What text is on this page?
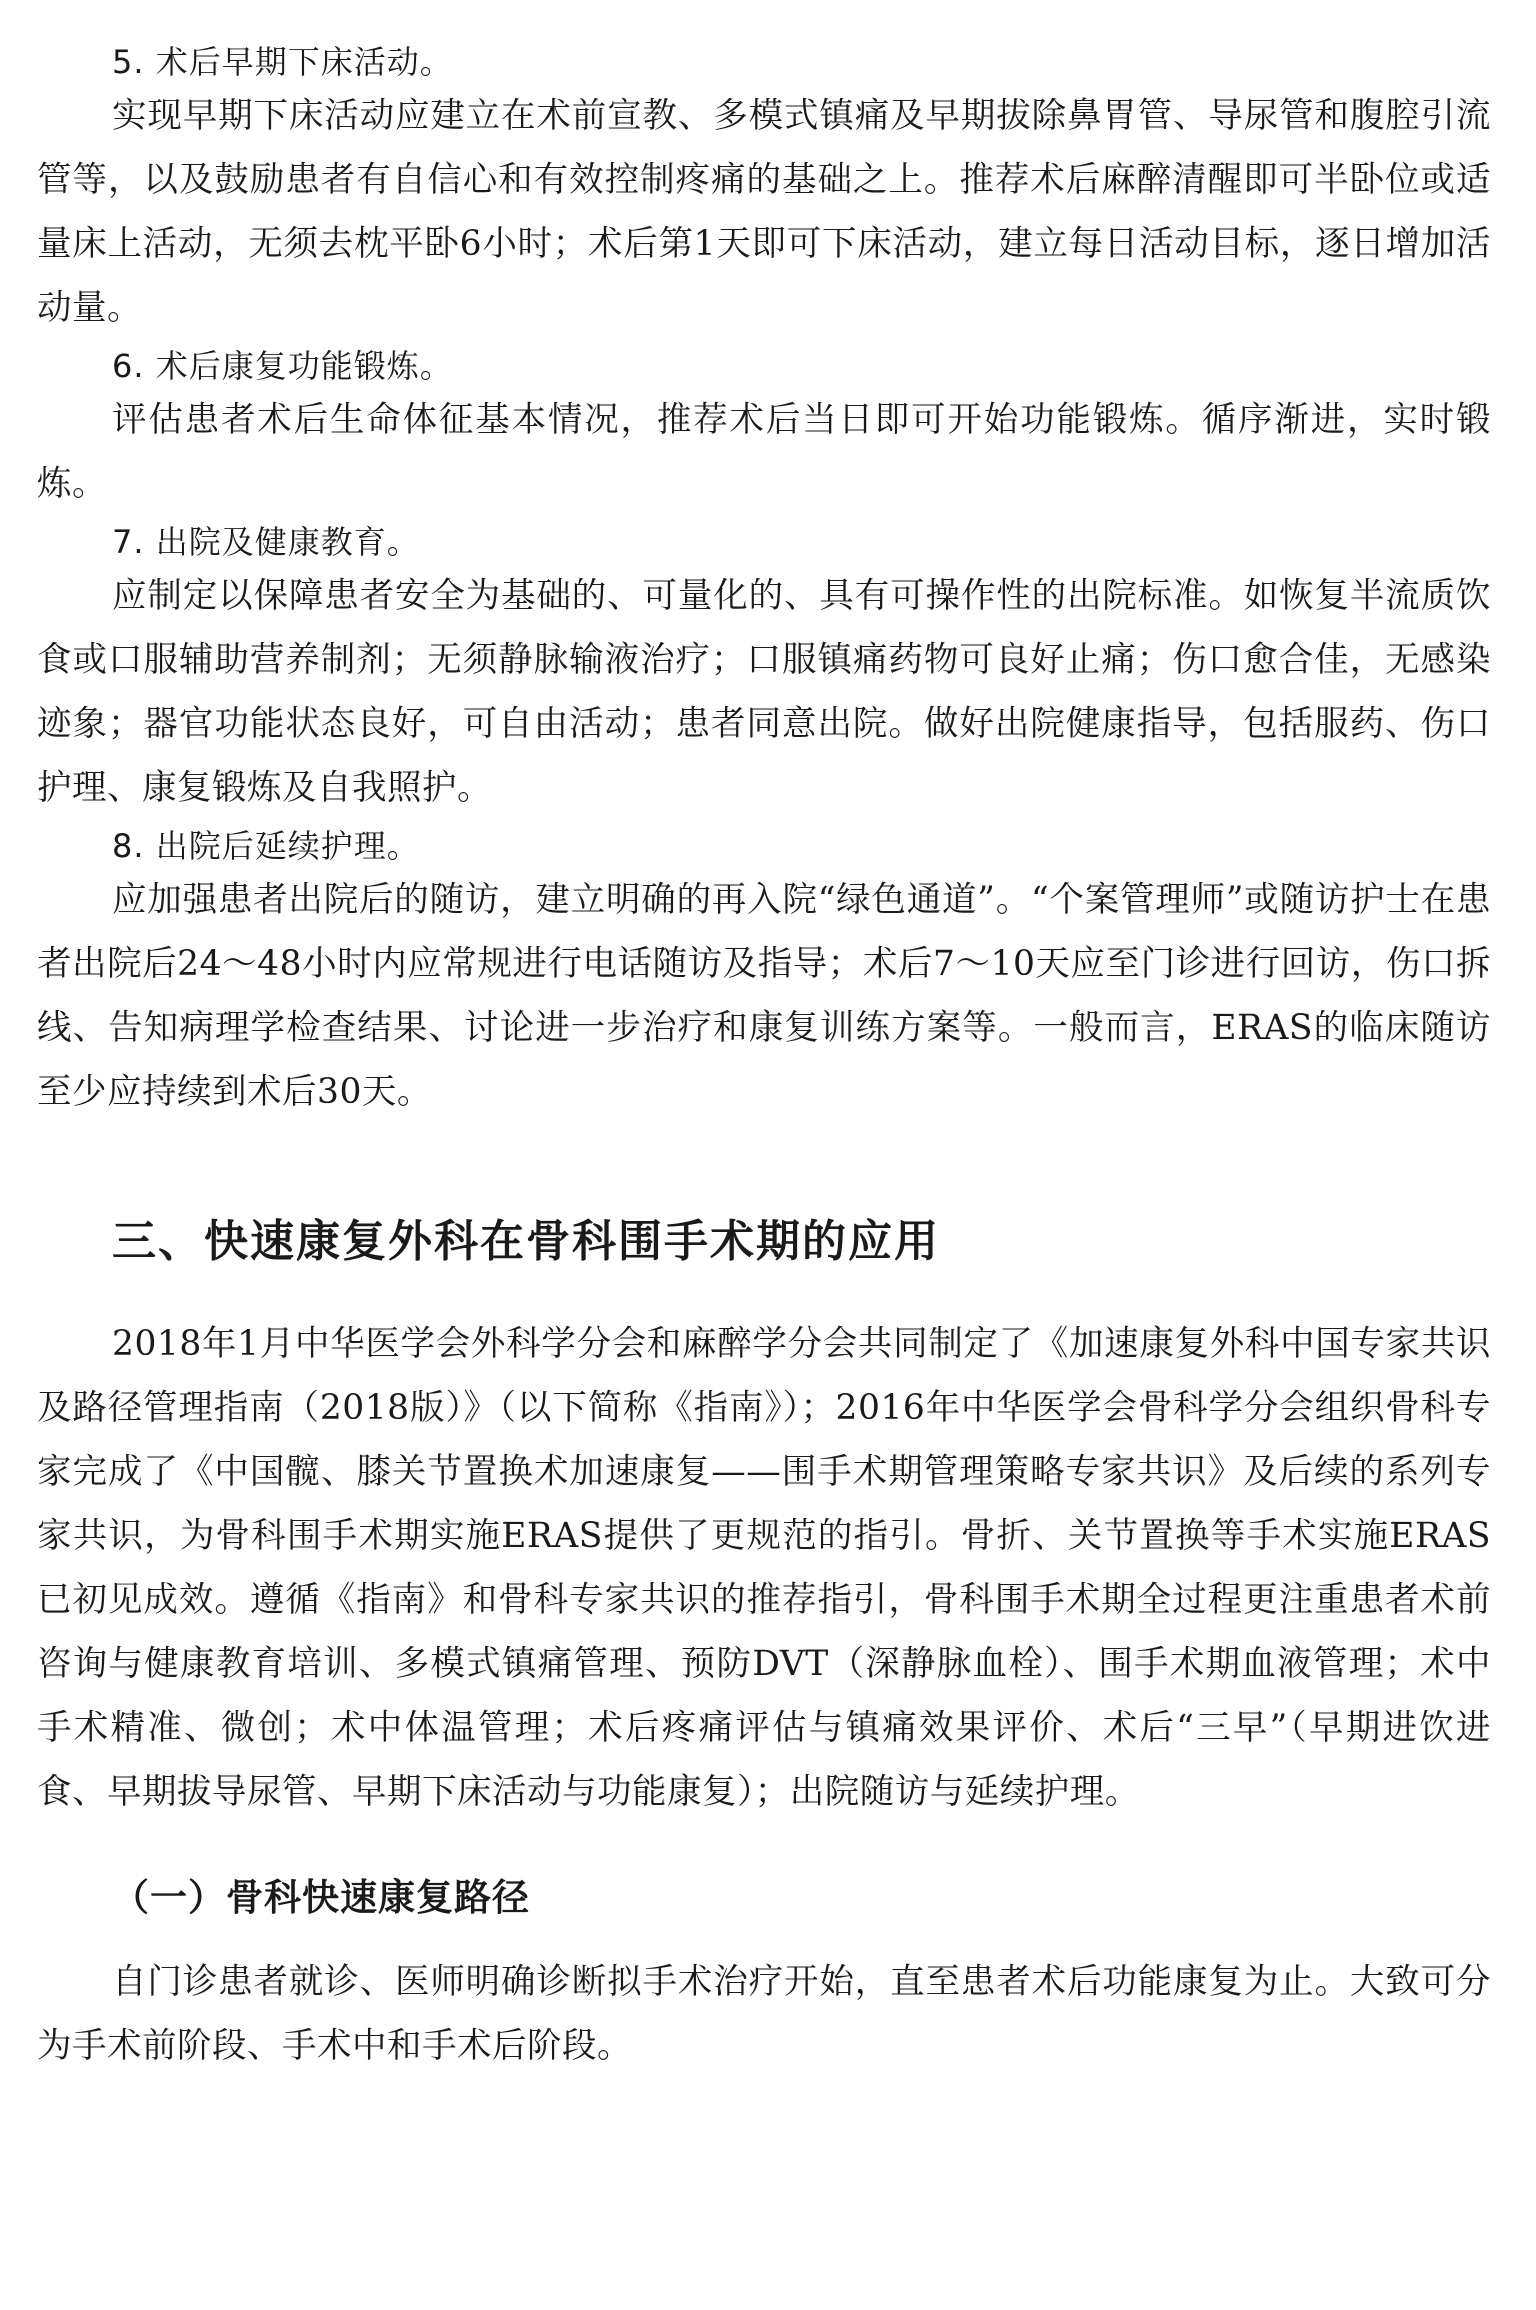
5. 术后早期下床活动。

实现早期下床活动应建立在术前宣教、多模式镇痛及早期拔除鼻胃管、导尿管和腹腔引流管等，以及鼓励患者有自信心和有效控制疼痛的基础之上。推荐术后麻醉清醒即可半卧位或适量床上活动，无须去枕平卧6小时；术后第1天即可下床活动，建立每日活动目标，逐日增加活动量。

6. 术后康复功能锻炼。

评估患者术后生命体征基本情况，推荐术后当日即可开始功能锻炼。循序渐进，实时锻炼。

7. 出院及健康教育。

应制定以保障患者安全为基础的、可量化的、具有可操作性的出院标准。如恢复半流质饮食或口服辅助营养制剂；无须静脉输液治疗；口服镇痛药物可良好止痛；伤口愈合佳，无感染迹象；器官功能状态良好，可自由活动；患者同意出院。做好出院健康指导，包括服药、伤口护理、康复锻炼及自我照护。

8. 出院后延续护理。

应加强患者出院后的随访，建立明确的再入院“绿色通道”。“个案管理师”或随访护士在患者出院后24～48小时内应常规进行电话随访及指导；术后7～10天应至门诊进行回访，伤口拆线、告知病理学检查结果、讨论进一步治疗和康复训练方案等。一般而言，ERAS的临床随访至少应持续到术后30天。

三、快速康复外科在骨科围手术期的应用

2018年1月中华医学会外科学分会和麻醉学分会共同制定了《加速康复外科中国专家共识及路径管理指南（2018版）》（以下简称《指南》）；2016年中华医学会骨科学分会组织骨科专家完成了《中国髋、膝关节置换术加速康复——围手术期管理策略专家共识》及后续的系列专家共识，为骨科围手术期实施ERAS提供了更规范的指引。骨折、关节置换等手术实施ERAS已初见成效。遵循《指南》和骨科专家共识的推荐指引，骨科围手术期全过程更注重患者术前咨询与健康教育培训、多模式镇痛管理、预防DVT（深静脉血栓）、围手术期血液管理；术中手术精准、微创；术中体温管理；术后疼痛评估与镇痛效果评价、术后“三早”（早期进饮进食、早期拔导尿管、早期下床活动与功能康复）；出院随访与延续护理。

（一）骨科快速康复路径

自门诊患者就诊、医师明确诊断拟手术治疗开始，直至患者术后功能康复为止。大致可分为手术前阶段、手术中和手术后阶段。
